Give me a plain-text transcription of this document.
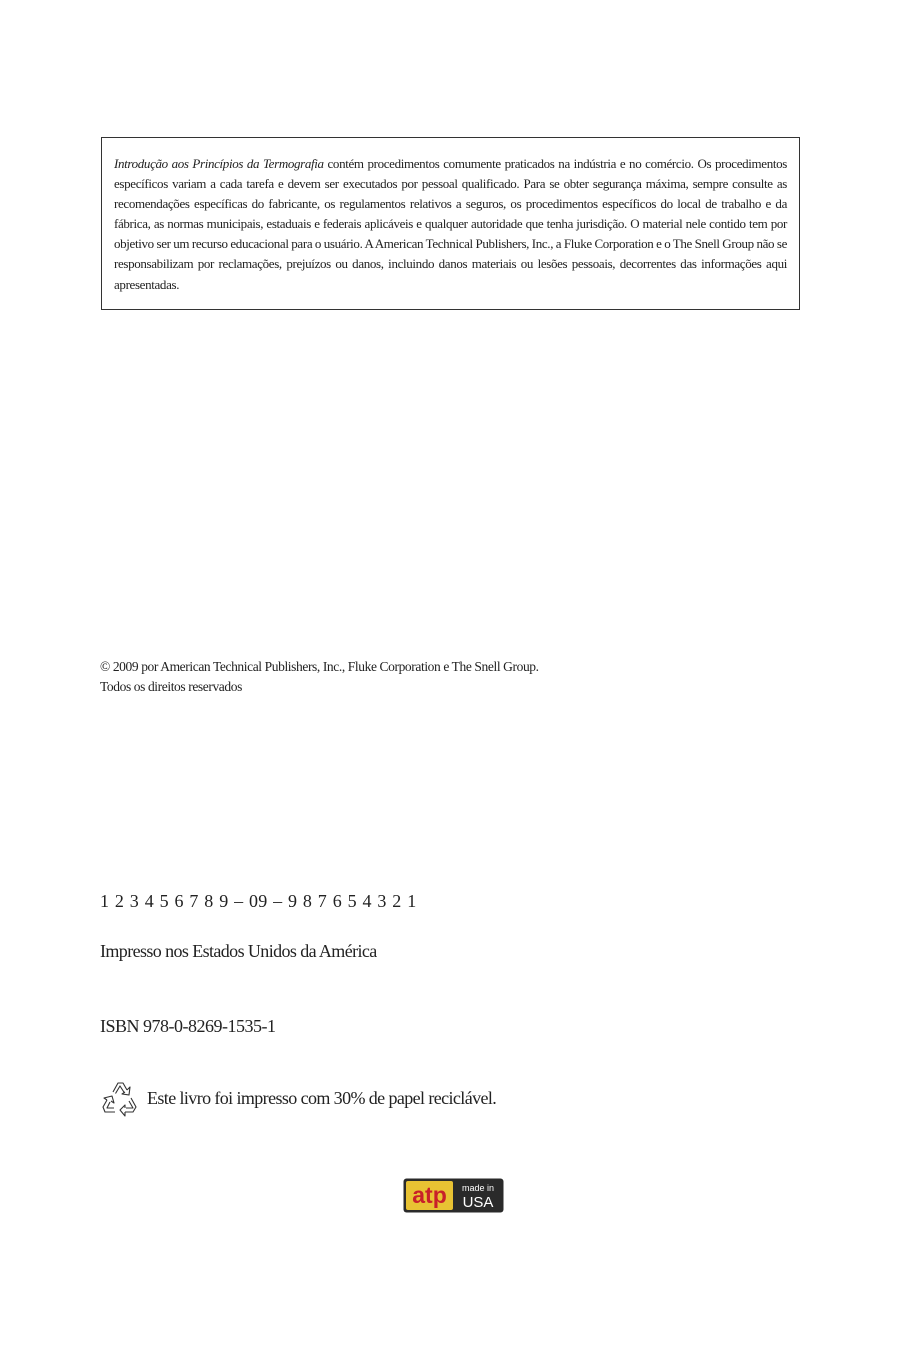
Introdução aos Princípios da Termografia contém procedimentos comumente praticados na indústria e no comércio. Os procedimentos específicos variam a cada tarefa e devem ser executados por pessoal qualificado. Para se obter segurança máxima, sempre consulte as recomendações específicas do fabricante, os regulamentos relativos a seguros, os procedimentos específicos do local de trabalho e da fábrica, as normas municipais, estaduais e federais aplicáveis e qualquer autoridade que tenha jurisdição. O material nele contido tem por objetivo ser um recurso educacional para o usuário. A American Technical Publishers, Inc., a Fluke Corporation e o The Snell Group não se responsabilizam por reclamações, prejuízos ou danos, incluindo danos materiais ou lesões pessoais, decorrentes das informações aqui apresentadas.
© 2009 por American Technical Publishers, Inc., Fluke Corporation e The Snell Group.
Todos os direitos reservados
1 2 3 4 5 6 7 8 9 – 09 – 9 8 7 6 5 4 3 2 1
Impresso nos Estados Unidos da América
ISBN 978-0-8269-1535-1
Este livro foi impresso com 30% de papel reciclável.
atp made in
USA
